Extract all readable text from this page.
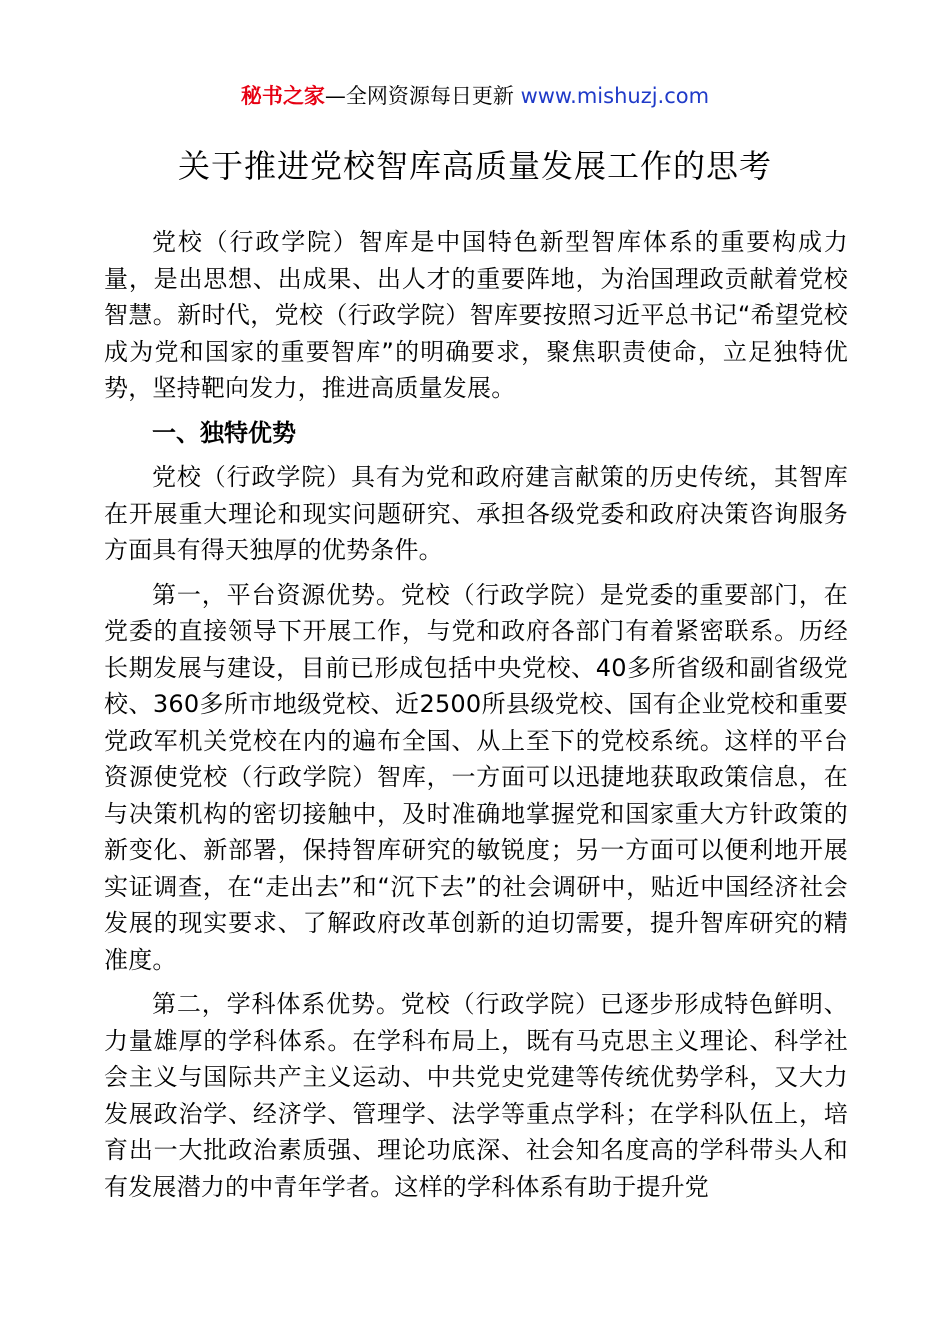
秘书之家—全网资源每日更新 www.mishuzj.com
关于推进党校智库高质量发展工作的思考

党校（行政学院）智库是中国特色新型智库体系的重要构成力量，是出思想、出成果、出人才的重要阵地，为治国理政贡献着党校智慧。新时代，党校（行政学院）智库要按照习近平总书记“希望党校成为党和国家的重要智库”的明确要求，聚焦职责使命，立足独特优势，坚持靶向发力，推进高质量发展。

一、独特优势

党校（行政学院）具有为党和政府建言献策的历史传统，其智库在开展重大理论和现实问题研究、承担各级党委和政府决策咨询服务方面具有得天独厚的优势条件。

第一，平台资源优势。党校（行政学院）是党委的重要部门，在党委的直接领导下开展工作，与党和政府各部门有着紧密联系。历经长期发展与建设，目前已形成包括中央党校、40多所省级和副省级党校、360多所市地级党校、近2500所县级党校、国有企业党校和重要党政军机关党校在内的遍布全国、从上至下的党校系统。这样的平台资源使党校（行政学院）智库，一方面可以迅捷地获取政策信息，在与决策机构的密切接触中，及时准确地掌握党和国家重大方针政策的新变化、新部署，保持智库研究的敏锐度；另一方面可以便利地开展实证调查，在“走出去”和“沉下去”的社会调研中，贴近中国经济社会发展的现实要求、了解政府改革创新的迫切需要，提升智库研究的精准度。

第二，学科体系优势。党校（行政学院）已逐步形成特色鲜明、力量雄厚的学科体系。在学科布局上，既有马克思主义理论、科学社会主义与国际共产主义运动、中共党史党建等传统优势学科，又大力发展政治学、经济学、管理学、法学等重点学科；在学科队伍上，培育出一大批政治素质强、理论功底深、社会知名度高的学科带头人和有发展潜力的中青年学者。这样的学科体系有助于提升党
